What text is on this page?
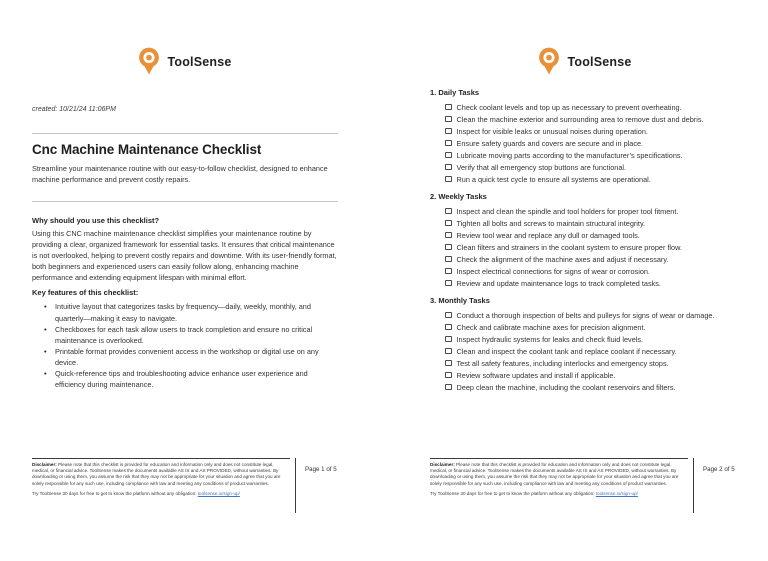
ToolSense

created: 10/21/24 11:06PM

Cnc Machine Maintenance Checklist

Streamline your maintenance routine with our easy-to-follow checklist, designed to enhance machine performance and prevent costly repairs.

Why should you use this checklist?

Using this CNC machine maintenance checklist simplifies your maintenance routine by providing a clear, organized framework for essential tasks. It ensures that critical maintenance is not overlooked, helping to prevent costly repairs and downtime. With its user-friendly format, both beginners and experienced users can easily follow along, enhancing machine performance and extending equipment lifespan with minimal effort.

Key features of this checklist:
• Intuitive layout that categorizes tasks by frequency—daily, weekly, monthly, and quarterly—making it easy to navigate.
• Checkboxes for each task allow users to track completion and ensure no critical maintenance is overlooked.
• Printable format provides convenient access in the workshop or digital use on any device.
• Quick-reference tips and troubleshooting advice enhance user experience and efficiency during maintenance.
Page 1 of 5

Disclaimer: Please note that this checklist is provided for education and information only and does not constitute legal, medical, or financial advice. ToolSense makes the documents available AS IS and AS PROVIDED, without warranties. By downloading or using them, you assume the risk that they may not be appropriate for your situation and agree that you are solely responsible for any such use, including compliance with law and meeting any conditions of product warranties.

Try ToolSense 30 days for free to get to know the platform without any obligation: toolsense.io/sign-up/

ToolSense
1. Daily Tasks
Check coolant levels and top up as necessary to prevent overheating.
Clean the machine exterior and surrounding area to remove dust and debris.
Inspect for visible leaks or unusual noises during operation.
Ensure safety guards and covers are secure and in place.
Lubricate moving parts according to the manufacturer’s specifications.
Verify that all emergency stop buttons are functional.
Run a quick test cycle to ensure all systems are operational.
2. Weekly Tasks
Inspect and clean the spindle and tool holders for proper tool fitment.
Tighten all bolts and screws to maintain structural integrity.
Review tool wear and replace any dull or damaged tools.
Clean filters and strainers in the coolant system to ensure proper flow.
Check the alignment of the machine axes and adjust if necessary.
Inspect electrical connections for signs of wear or corrosion.
Review and update maintenance logs to track completed tasks.
3. Monthly Tasks
Conduct a thorough inspection of belts and pulleys for signs of wear or damage.
Check and calibrate machine axes for precision alignment.
Inspect hydraulic systems for leaks and check fluid levels.
Clean and inspect the coolant tank and replace coolant if necessary.
Test all safety features, including interlocks and emergency stops.
Review software updates and install if applicable.
Deep clean the machine, including the coolant reservoirs and filters.
Page 2 of 5

Disclaimer: Please note that this checklist is provided for education and information only and does not constitute legal, medical, or financial advice. ToolSense makes the documents available AS IS and AS PROVIDED, without warranties. By downloading or using them, you assume the risk that they may not be appropriate for your situation and agree that you are solely responsible for any such use, including compliance with law and meeting any conditions of product warranties.

Try ToolSense 30 days for free to get to know the platform without any obligation: toolsense.io/sign-up/
